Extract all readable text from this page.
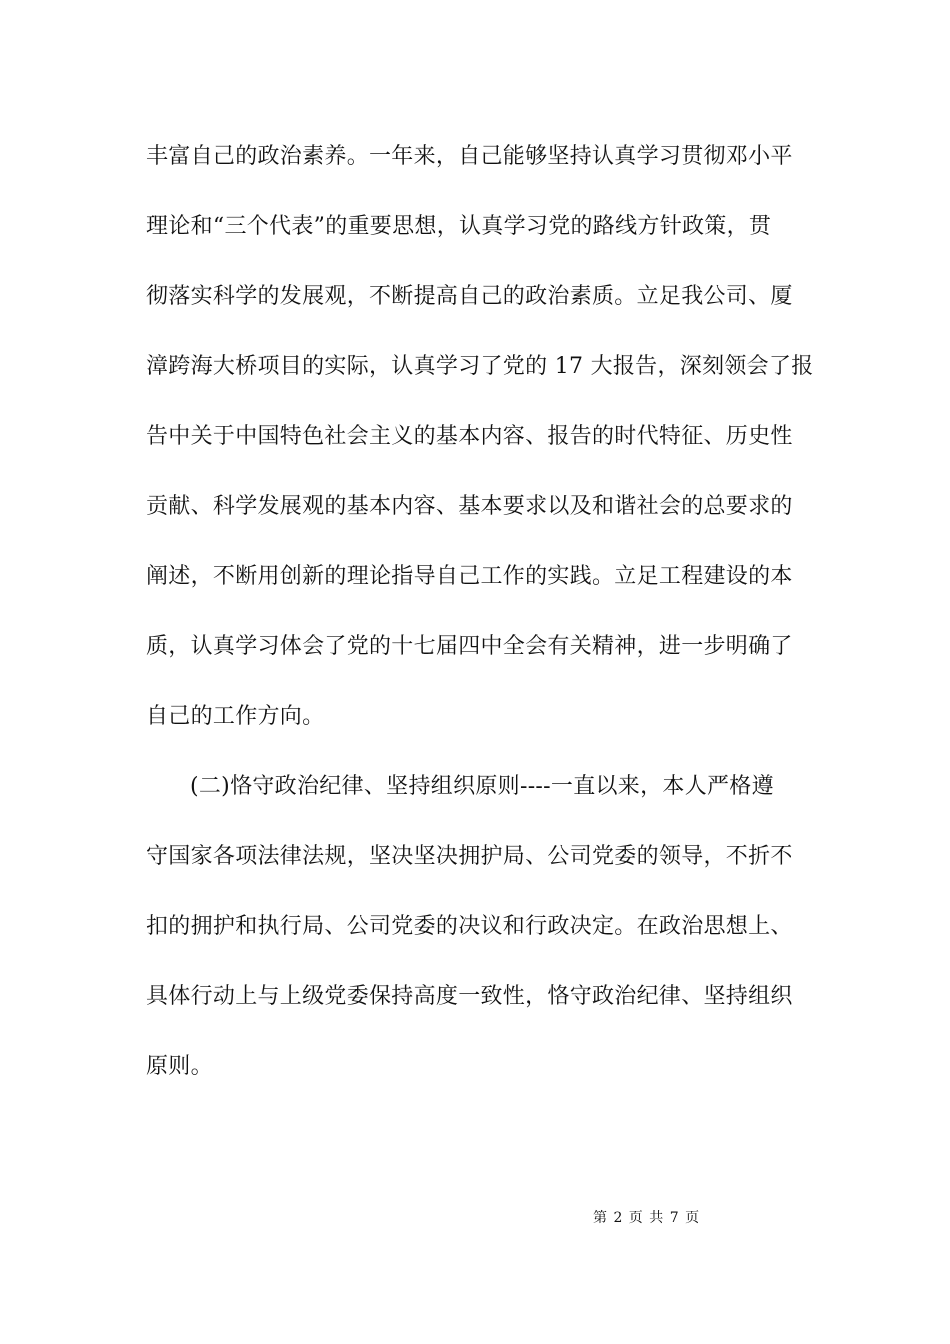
丰富自己的政治素养。一年来，自己能够坚持认真学习贯彻邓小平
理论和“三个代表”的重要思想，认真学习党的路线方针政策，贯
彻落实科学的发展观，不断提高自己的政治素质。立足我公司、厦
漳跨海大桥项目的实际，认真学习了党的 17 大报告，深刻领会了报
告中关于中国特色社会主义的基本内容、报告的时代特征、历史性
贡献、科学发展观的基本内容、基本要求以及和谐社会的总要求的
阐述，不断用创新的理论指导自己工作的实践。立足工程建设的本
质，认真学习体会了党的十七届四中全会有关精神，进一步明确了
自己的工作方向。
(二)恪守政治纪律、坚持组织原则----一直以来，本人严格遵
守国家各项法律法规，坚决坚决拥护局、公司党委的领导，不折不
扣的拥护和执行局、公司党委的决议和行政决定。在政治思想上、
具体行动上与上级党委保持高度一致性，恪守政治纪律、坚持组织
原则。
第 2 页 共 7 页
